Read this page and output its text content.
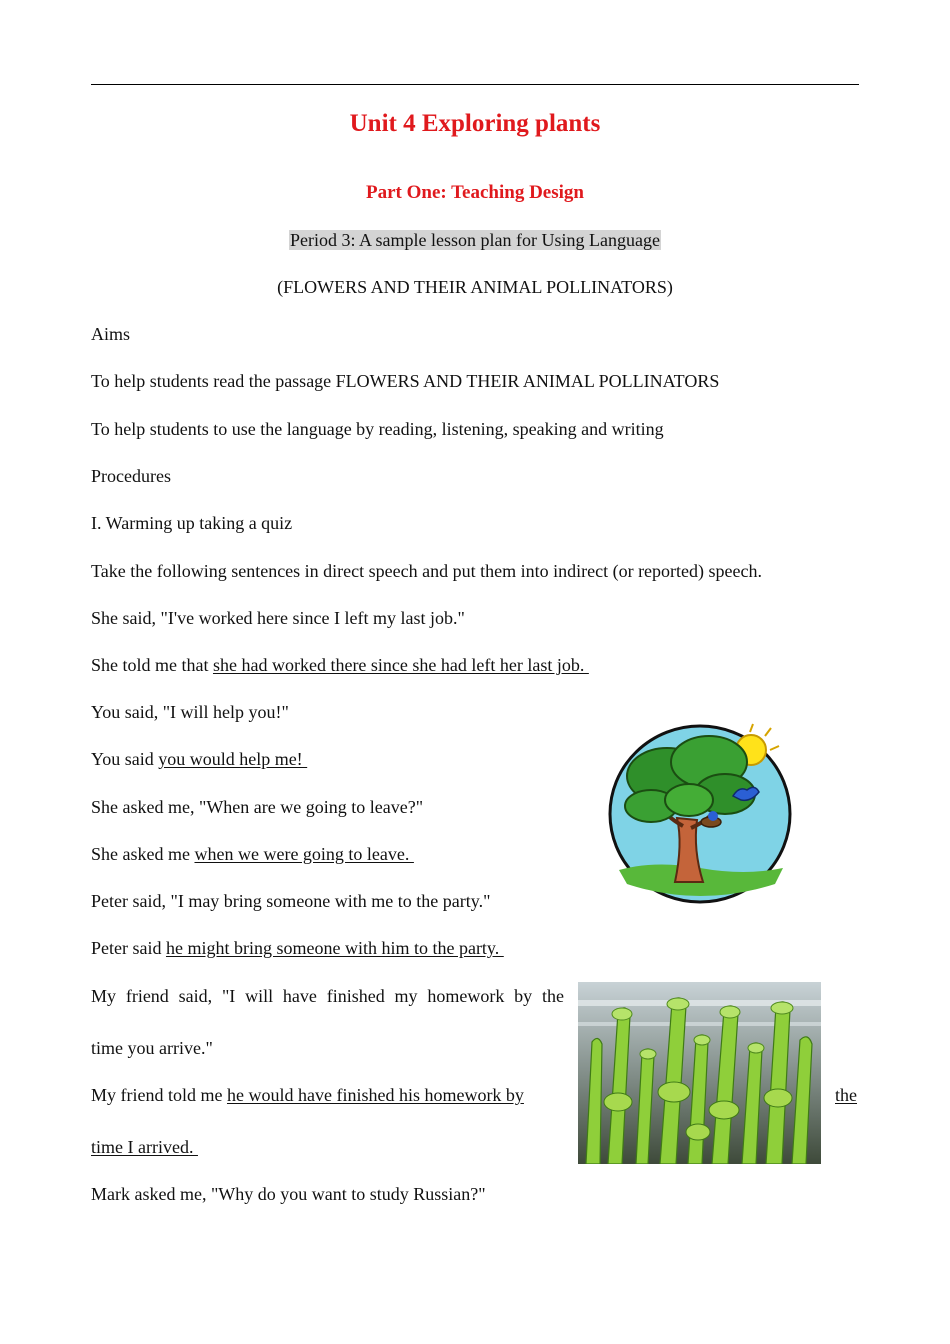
Unit 4 Exploring plants
Part One: Teaching Design
Period 3: A sample lesson plan for Using Language
(FLOWERS AND THEIR ANIMAL POLLINATORS)
Aims
To help students read the passage FLOWERS AND THEIR ANIMAL POLLINATORS
To help students to use the language by reading, listening, speaking and writing
Procedures
I. Warming up taking a quiz
Take the following sentences in direct speech and put them into indirect (or reported) speech.
She said, "I've worked here since I left my last job."
She told me that she had worked there since she had left her last job.
You said, "I will help you!"
You said you would help me!
She asked me, "When are we going to leave?"
She asked me when we were going to leave.
Peter said, "I may bring someone with me to the party."
Peter said he might bring someone with him to the party.
My friend said, "I will have finished my homework by the
time you arrive."
My friend told me he would have finished his homework by	the
time I arrived.
Mark asked me, "Why do you want to study Russian?"
